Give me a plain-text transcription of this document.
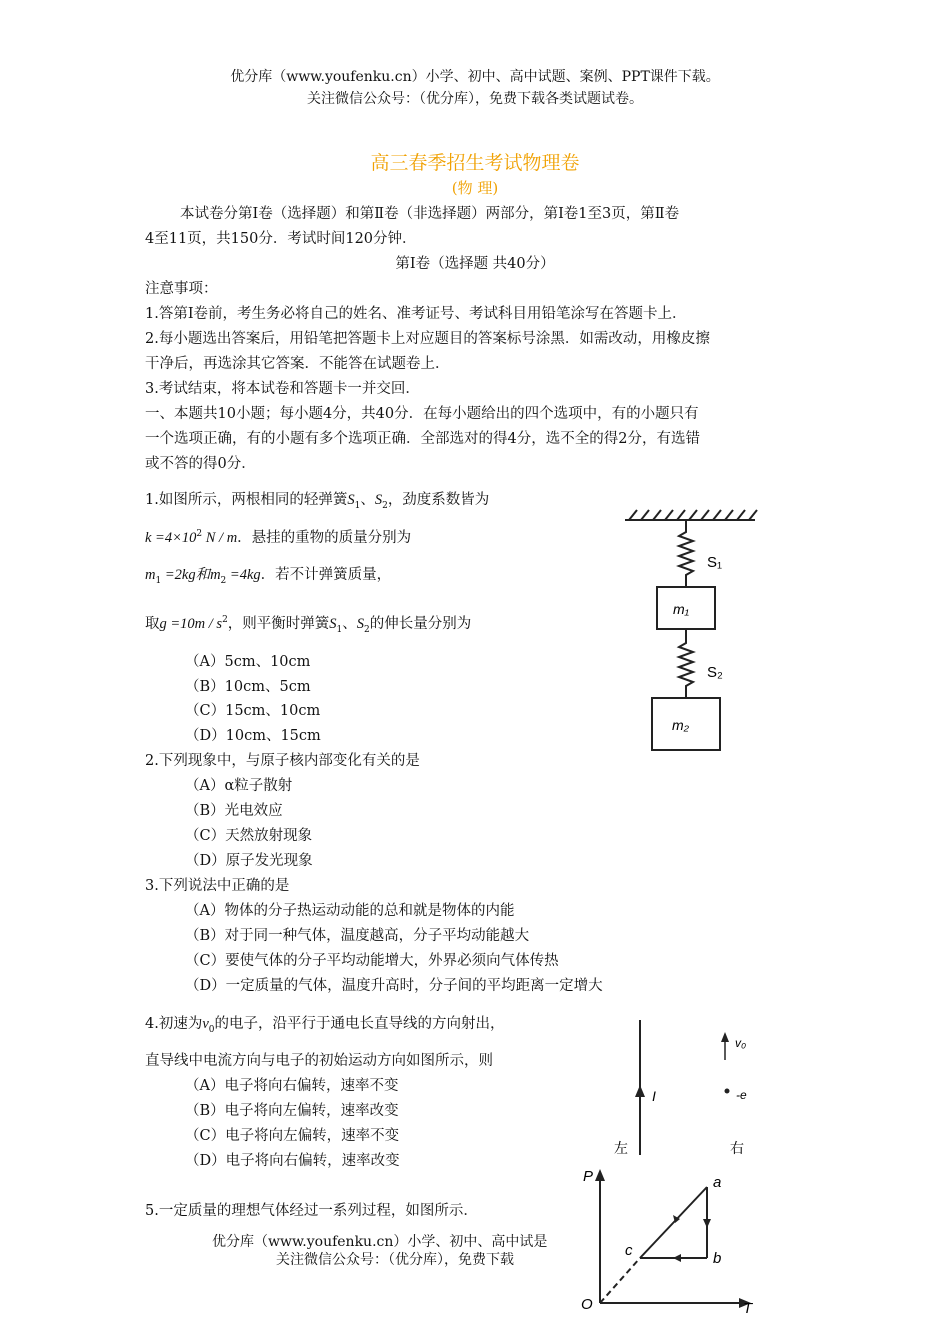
优分库（www.youfenku.cn）小学、初中、高中试题、案例、PPT课件下载。
关注微信公众号：（优分库），免费下载各类试题试卷。
高三春季招生考试物理卷
(物 理)
本试卷分第Ⅰ卷（选择题）和第Ⅱ卷（非选择题）两部分，第Ⅰ卷1至3页，第Ⅱ卷
4至11页，共150分．考试时间120分钟．
第Ⅰ卷（选择题 共40分）
注意事项：
1.答第Ⅰ卷前，考生务必将自己的姓名、准考证号、考试科目用铅笔涂写在答题卡上．
2.每小题选出答案后，用铅笔把答题卡上对应题目的答案标号涂黑．如需改动，用橡皮擦
干净后，再选涂其它答案．不能答在试题卷上．
3.考试结束，将本试卷和答题卡一并交回．
一、本题共10小题；每小题4分，共40分．在每小题给出的四个选项中，有的小题只有
一个选项正确，有的小题有多个选项正确．全部选对的得4分，选不全的得2分，有选错
或不答的得0分．
1.如图所示，两根相同的轻弹簧$S_1$、$S_2$，劲度系数皆为
$k =4\times 10^2$ N / m．悬挂的重物的质量分别为
$m_1 =2kg$和$m_2 =4kg$．若不计弹簧质量，
取$g =10m / s^2$，则平衡时弹簧$S_1$、$S_2$的伸长量分别为
（A）5cm、10cm
（B）10cm、5cm
（C）15cm、10cm
（D）10cm、15cm
S₁
m₁
S₂
m₂
2.下列现象中，与原子核内部变化有关的是
（A）α粒子散射
（B）光电效应
（C）天然放射现象
（D）原子发光现象
3.下列说法中正确的是
（A）物体的分子热运动动能的总和就是物体的内能
（B）对于同一种气体，温度越高，分子平均动能越大
（C）要使气体的分子平均动能增大，外界必须向气体传热
（D）一定质量的气体，温度升高时，分子间的平均距离一定增大
4.初速为$v_0$的电子，沿平行于通电长直导线的方向射出，
直导线中电流方向与电子的初始运动方向如图所示，则
（A）电子将向右偏转，速率不变
（B）电子将向左偏转，速率改变
（C）电子将向左偏转，速率不变
（D）电子将向右偏转，速率改变
I
v₀
-e
左	右
5.一定质量的理想气体经过一系列过程，如图所示．
P
T
O
a
b
c
优分库（www.youfenku.cn）小学、初中、高中试是
关注微信公众号：（优分库），免费下载
